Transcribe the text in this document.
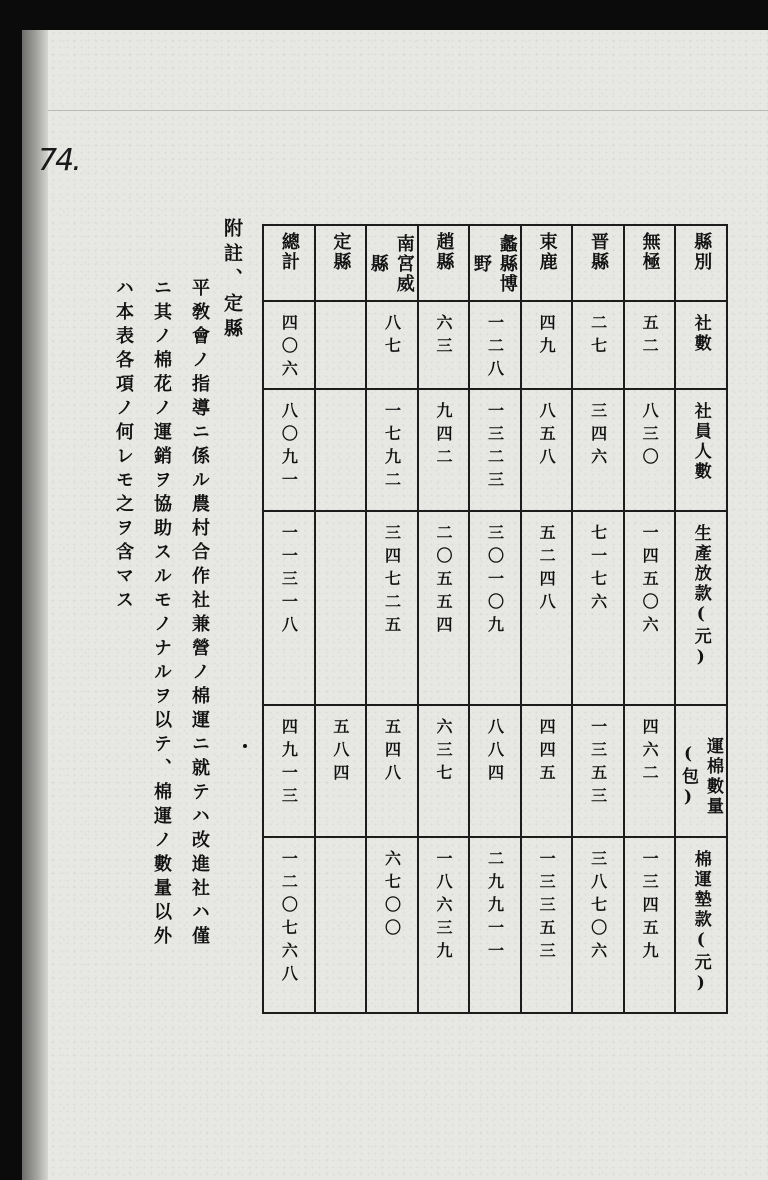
74.
附註、定縣
平敎會ノ指導ニ係ル農村合作社兼營ノ棉運ニ就テハ改進社ハ僅
ニ其ノ棉花ノ運銷ヲ協助スルモノナルヲ以テ、棉運ノ數量以外
ハ本表各項ノ何レモ之ヲ含マス
縣別	無極	晋縣	束鹿	蠡縣博野	趙縣	南宮威縣	定縣	總計
社數	五二	二七	四九	一二八	六三	八七		四〇六
社員人數	八三〇	三四六	八五八	一三二三	九四二	一七九二		八〇九一
生產放款(元)	一四五〇六	七一七六	五二四八	三〇一〇九	二〇五五四	三四七二五		一一三一八
運棉數量(包)	四六二	一三五三	四四五	八八四	六三七	五四八	五八四	四九一三
棉運墊款(元)	一三四五九	三八七〇六	一三三五三	二九九一一	一八六三九	六七〇〇		一二〇七六八
